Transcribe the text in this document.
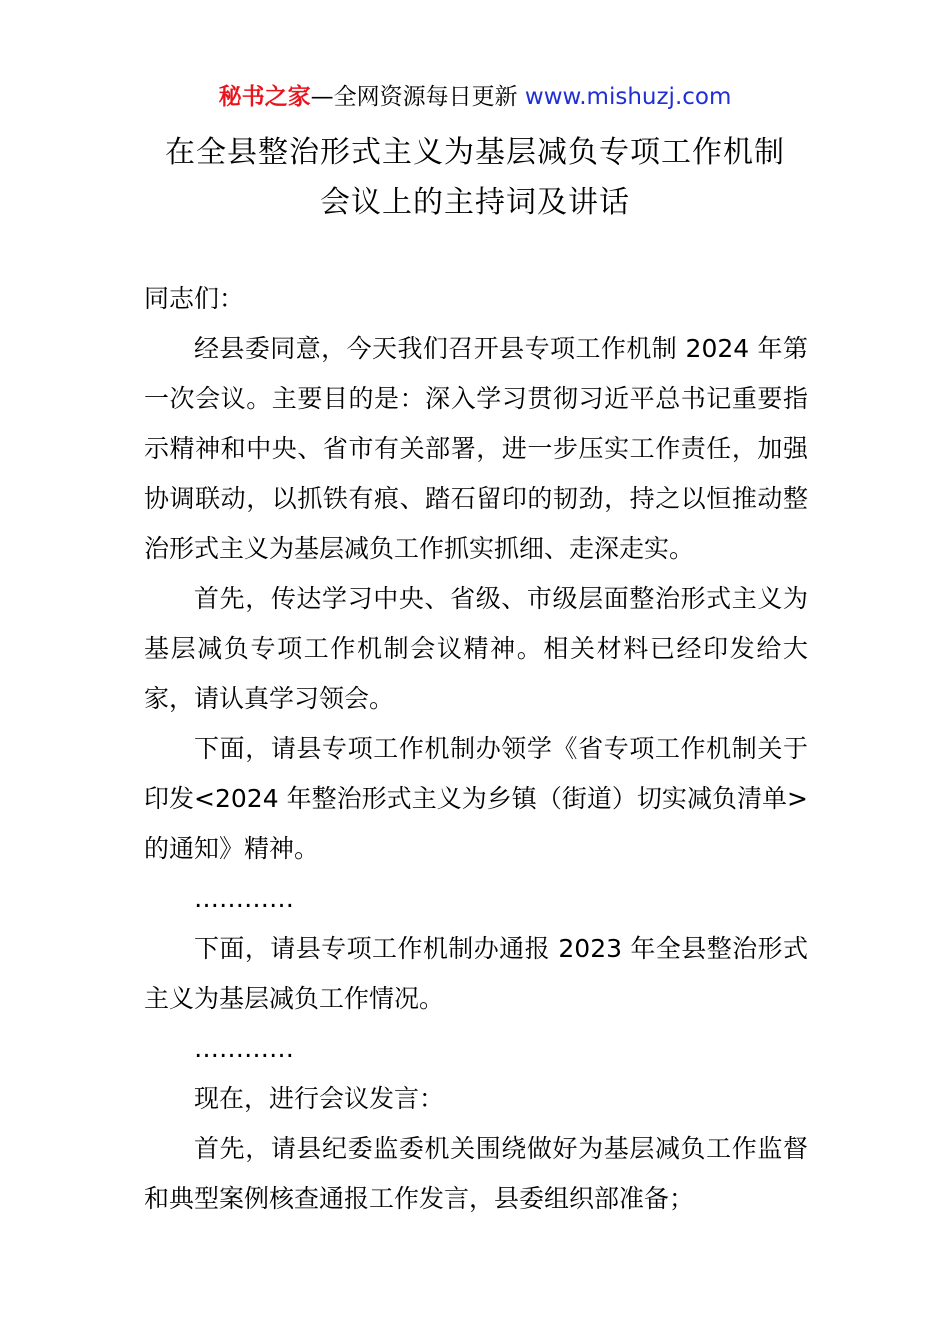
秘书之家—全网资源每日更新 www.mishuzj.com
在全县整治形式主义为基层减负专项工作机制
会议上的主持词及讲话

同志们：

经县委同意，今天我们召开县专项工作机制 2024 年第一次会议。主要目的是：深入学习贯彻习近平总书记重要指示精神和中央、省市有关部署，进一步压实工作责任，加强协调联动，以抓铁有痕、踏石留印的韧劲，持之以恒推动整治形式主义为基层减负工作抓实抓细、走深走实。

首先，传达学习中央、省级、市级层面整治形式主义为基层减负专项工作机制会议精神。相关材料已经印发给大家，请认真学习领会。

下面，请县专项工作机制办领学《省专项工作机制关于印发<2024 年整治形式主义为乡镇（街道）切实减负清单>的通知》精神。

…………

下面，请县专项工作机制办通报 2023 年全县整治形式主义为基层减负工作情况。

…………

现在，进行会议发言：

首先，请县纪委监委机关围绕做好为基层减负工作监督和典型案例核查通报工作发言，县委组织部准备；
